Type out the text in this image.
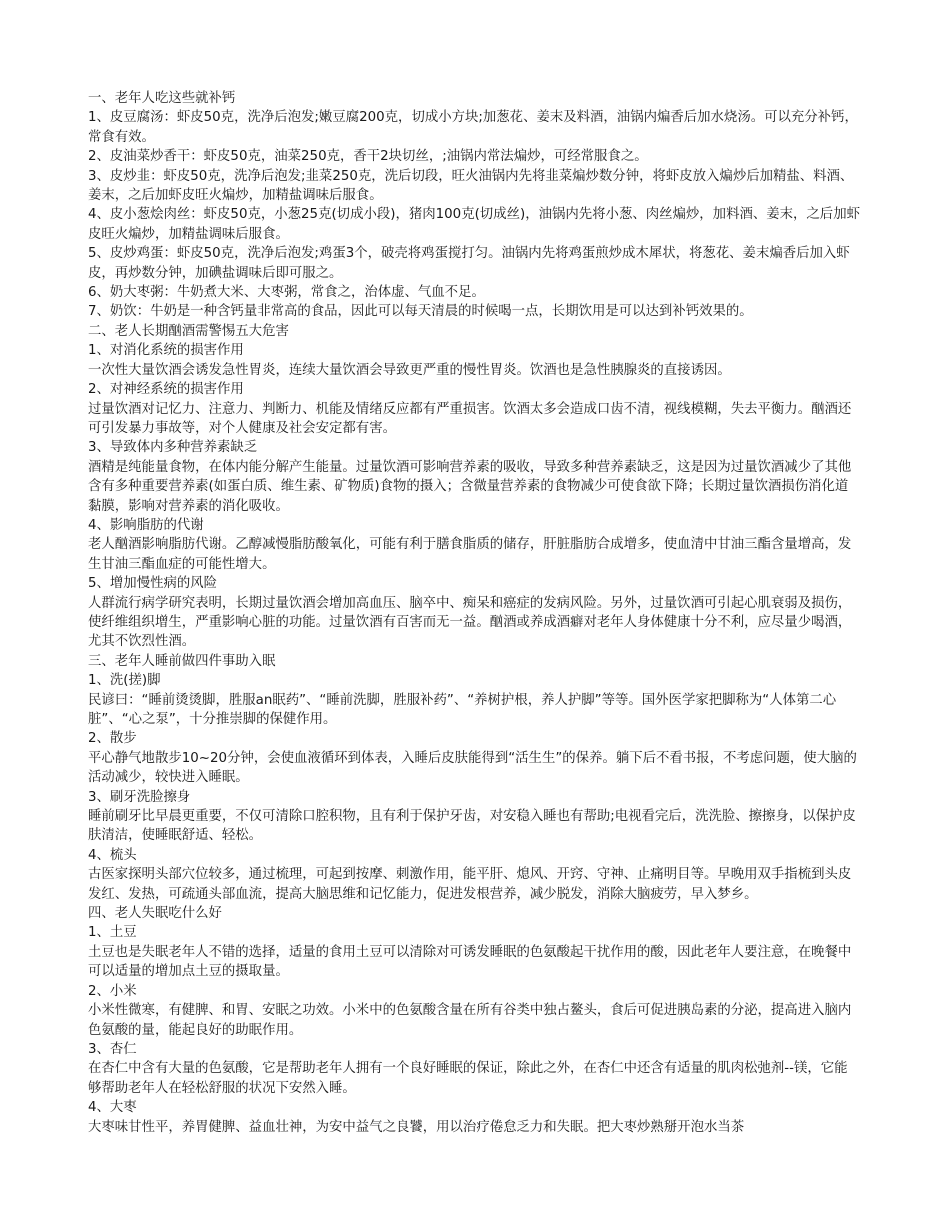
一、老年人吃这些就补钙

1、皮豆腐汤：虾皮50克，洗净后泡发;嫩豆腐200克，切成小方块;加葱花、姜末及料酒，油锅内煸香后加水烧汤。可以充分补钙，常食有效。

2、皮油菜炒香干：虾皮50克，油菜250克，香干2块切丝，;油锅内常法煸炒，可经常服食之。

3、皮炒韭：虾皮50克，洗净后泡发;韭菜250克，洗后切段，旺火油锅内先将韭菜煸炒数分钟，将虾皮放入煸炒后加精盐、料酒、姜末，之后加虾皮旺火煸炒，加精盐调味后服食。

4、皮小葱烩肉丝：虾皮50克，小葱25克(切成小段)，猪肉100克(切成丝)，油锅内先将小葱、肉丝煸炒，加料酒、姜末，之后加虾皮旺火煸炒，加精盐调味后服食。

5、皮炒鸡蛋：虾皮50克，洗净后泡发;鸡蛋3个，破壳将鸡蛋搅打匀。油锅内先将鸡蛋煎炒成木犀状，将葱花、姜末煸香后加入虾皮，再炒数分钟，加碘盐调味后即可服之。

6、奶大枣粥：牛奶煮大米、大枣粥，常食之，治体虚、气血不足。

7、奶饮：牛奶是一种含钙量非常高的食品，因此可以每天清晨的时候喝一点，长期饮用是可以达到补钙效果的。

二、老人长期酗酒需警惕五大危害

1、对消化系统的损害作用

一次性大量饮酒会诱发急性胃炎，连续大量饮酒会导致更严重的慢性胃炎。饮酒也是急性胰腺炎的直接诱因。

2、对神经系统的损害作用

过量饮酒对记忆力、注意力、判断力、机能及情绪反应都有严重损害。饮酒太多会造成口齿不清，视线模糊，失去平衡力。酗酒还可引发暴力事故等，对个人健康及社会安定都有害。

3、导致体内多种营养素缺乏

酒精是纯能量食物，在体内能分解产生能量。过量饮酒可影响营养素的吸收，导致多种营养素缺乏，这是因为过量饮酒减少了其他含有多种重要营养素(如蛋白质、维生素、矿物质)食物的摄入；含微量营养素的食物减少可使食欲下降；长期过量饮酒损伤消化道黏膜，影响对营养素的消化吸收。

4、影响脂肪的代谢

老人酗酒影响脂肪代谢。乙醇减慢脂肪酸氧化，可能有利于膳食脂质的储存，肝脏脂肪合成增多，使血清中甘油三酯含量增高，发生甘油三酯血症的可能性增大。

5、增加慢性病的风险

人群流行病学研究表明，长期过量饮酒会增加高血压、脑卒中、痴呆和癌症的发病风险。另外，过量饮酒可引起心肌衰弱及损伤，使纤维组织增生，严重影响心脏的功能。过量饮酒有百害而无一益。酗酒或养成酒癖对老年人身体健康十分不利，应尽量少喝酒，尤其不饮烈性酒。

三、老年人睡前做四件事助入眠

1、洗(搓)脚

民谚曰：“睡前烫烫脚，胜服an眠药”、“睡前洗脚，胜服补药”、“养树护根，养人护脚”等等。国外医学家把脚称为“人体第二心脏”、“心之泵”，十分推崇脚的保健作用。

2、散步

平心静气地散步10~20分钟，会使血液循环到体表，入睡后皮肤能得到“活生生”的保养。躺下后不看书报，不考虑问题，使大脑的活动减少，较快进入睡眠。

3、刷牙洗脸擦身

睡前刷牙比早晨更重要，不仅可清除口腔积物，且有利于保护牙齿，对安稳入睡也有帮助;电视看完后，洗洗脸、擦擦身，以保护皮肤清洁，使睡眠舒适、轻松。

4、梳头

古医家探明头部穴位较多，通过梳理，可起到按摩、刺激作用，能平肝、熄风、开窍、守神、止痛明目等。早晚用双手指梳到头皮发红、发热，可疏通头部血流，提高大脑思维和记忆能力，促进发根营养，减少脱发，消除大脑疲劳，早入梦乡。

四、老人失眠吃什么好

1、土豆

土豆也是失眠老年人不错的选择，适量的食用土豆可以清除对可诱发睡眠的色氨酸起干扰作用的酸，因此老年人要注意，在晚餐中可以适量的增加点土豆的摄取量。

2、小米

小米性微寒，有健脾、和胃、安眠之功效。小米中的色氨酸含量在所有谷类中独占鳌头，食后可促进胰岛素的分泌，提高进入脑内色氨酸的量，能起良好的助眠作用。

3、杏仁

在杏仁中含有大量的色氨酸，它是帮助老年人拥有一个良好睡眠的保证，除此之外，在杏仁中还含有适量的肌肉松弛剂--镁，它能够帮助老年人在轻松舒服的状况下安然入睡。

4、大枣

大枣味甘性平，养胃健脾、益血壮神，为安中益气之良饕，用以治疗倦怠乏力和失眠。把大枣炒熟掰开泡水当茶
